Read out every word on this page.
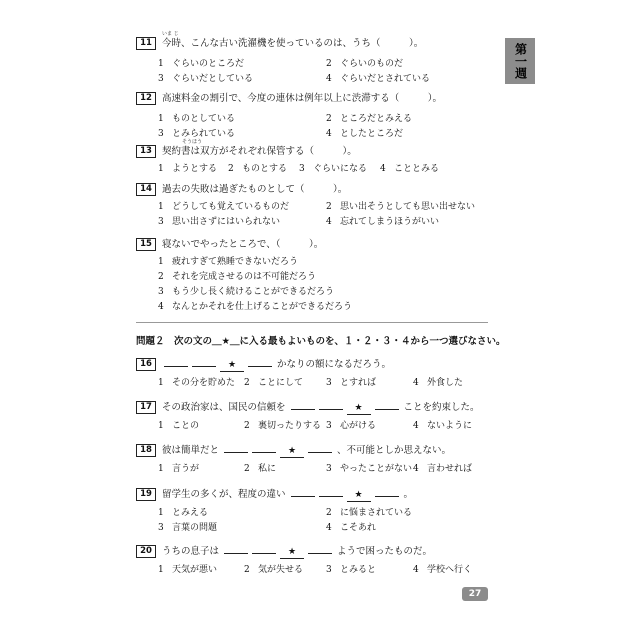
第一週
11 今時、こんな古い洗濯機を使っているのは、うち（　　　）。
いま じ
1 ぐらいのところだ	2 ぐらいのものだ
3 ぐらいだとしている	4 ぐらいだとされている
12 高速料金の割引で、今度の連休は例年以上に渋滞する（　　　）。
1 ものとしている	2 ところだとみえる
3 とみられている	4 としたところだ
13 契約書は双方がそれぞれ保管する（　　　）。
そうほう
1 ようとする 2 ものとする 3 ぐらいになる 4 こととみる
14 過去の失敗は過ぎたものとして（　　　）。
1 どうしても覚えているものだ	2 思い出そうとしても思い出せない
3 思い出さずにはいられない	4 忘れてしまうほうがいい
15 寝ないでやったところで、（　　　）。
1 疲れすぎて熟睡できないだろう
2 それを完成させるのは不可能だろう
3 もう少し長く続けることができるだろう
4 なんとかそれを仕上げることができるだろう
問題２　次の文の＿★＿に入る最もよいものを、１・２・３・４から一つ選びなさい。
16	★	かなりの額になるだろう。
1 その分を貯めた 2 ことにして	3 とすれば	4 外食した
17 その政治家は、国民の信頼を	★	ことを約束した。
1 ことの	2 裏切ったりする 3 心がける	4 ないように
18 彼は簡単だと	★	、不可能としか思えない。
1 言うが	2 私に	3 やったことがない 4 言わせれば
19 留学生の多くが、程度の違い	★	。
1 とみえる	2 に悩まされている
3 言葉の問題	4 こそあれ
20 うちの息子は	★	ようで困ったものだ。
1 天気が悪い	2 気が失せる	3 とみると	4 学校へ行く
27
